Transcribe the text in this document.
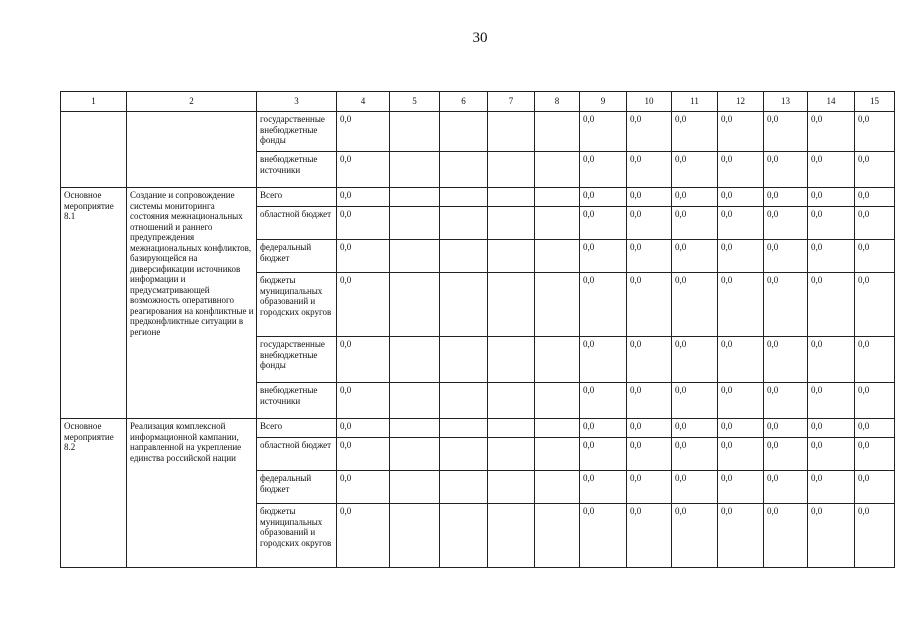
30
1	2	3	4	5	6	7	8	9	10	11	12	13	14	15
		государственные внебюджетные фонды	0,0					0,0	0,0	0,0	0,0	0,0	0,0	0,0
		внебюджетные источники	0,0					0,0	0,0	0,0	0,0	0,0	0,0	0,0
Основное мероприятие 8.1	Создание и сопровождение системы мониторинга состояния межнациональных отношений и раннего предупреждения межнациональных конфликтов, базирующейся на диверсификации источников информации и предусматривающей возможность оперативного реагирования на конфликтные и предконфликтные ситуации в регионе	Всего	0,0					0,0	0,0	0,0	0,0	0,0	0,0	0,0
		областной бюджет	0,0					0,0	0,0	0,0	0,0	0,0	0,0	0,0
		федеральный бюджет	0,0					0,0	0,0	0,0	0,0	0,0	0,0	0,0
		бюджеты муниципальных образований и городских округов	0,0					0,0	0,0	0,0	0,0	0,0	0,0	0,0
		государственные внебюджетные фонды	0,0					0,0	0,0	0,0	0,0	0,0	0,0	0,0
		внебюджетные источники	0,0					0,0	0,0	0,0	0,0	0,0	0,0	0,0
Основное мероприятие 8.2	Реализация комплексной информационной кампании, направленной на укрепление единства российской нации	Всего	0,0					0,0	0,0	0,0	0,0	0,0	0,0	0,0
		областной бюджет	0,0					0,0	0,0	0,0	0,0	0,0	0,0	0,0
		федеральный бюджет	0,0					0,0	0,0	0,0	0,0	0,0	0,0	0,0
		бюджеты муниципальных образований и городских округов	0,0					0,0	0,0	0,0	0,0	0,0	0,0	0,0
